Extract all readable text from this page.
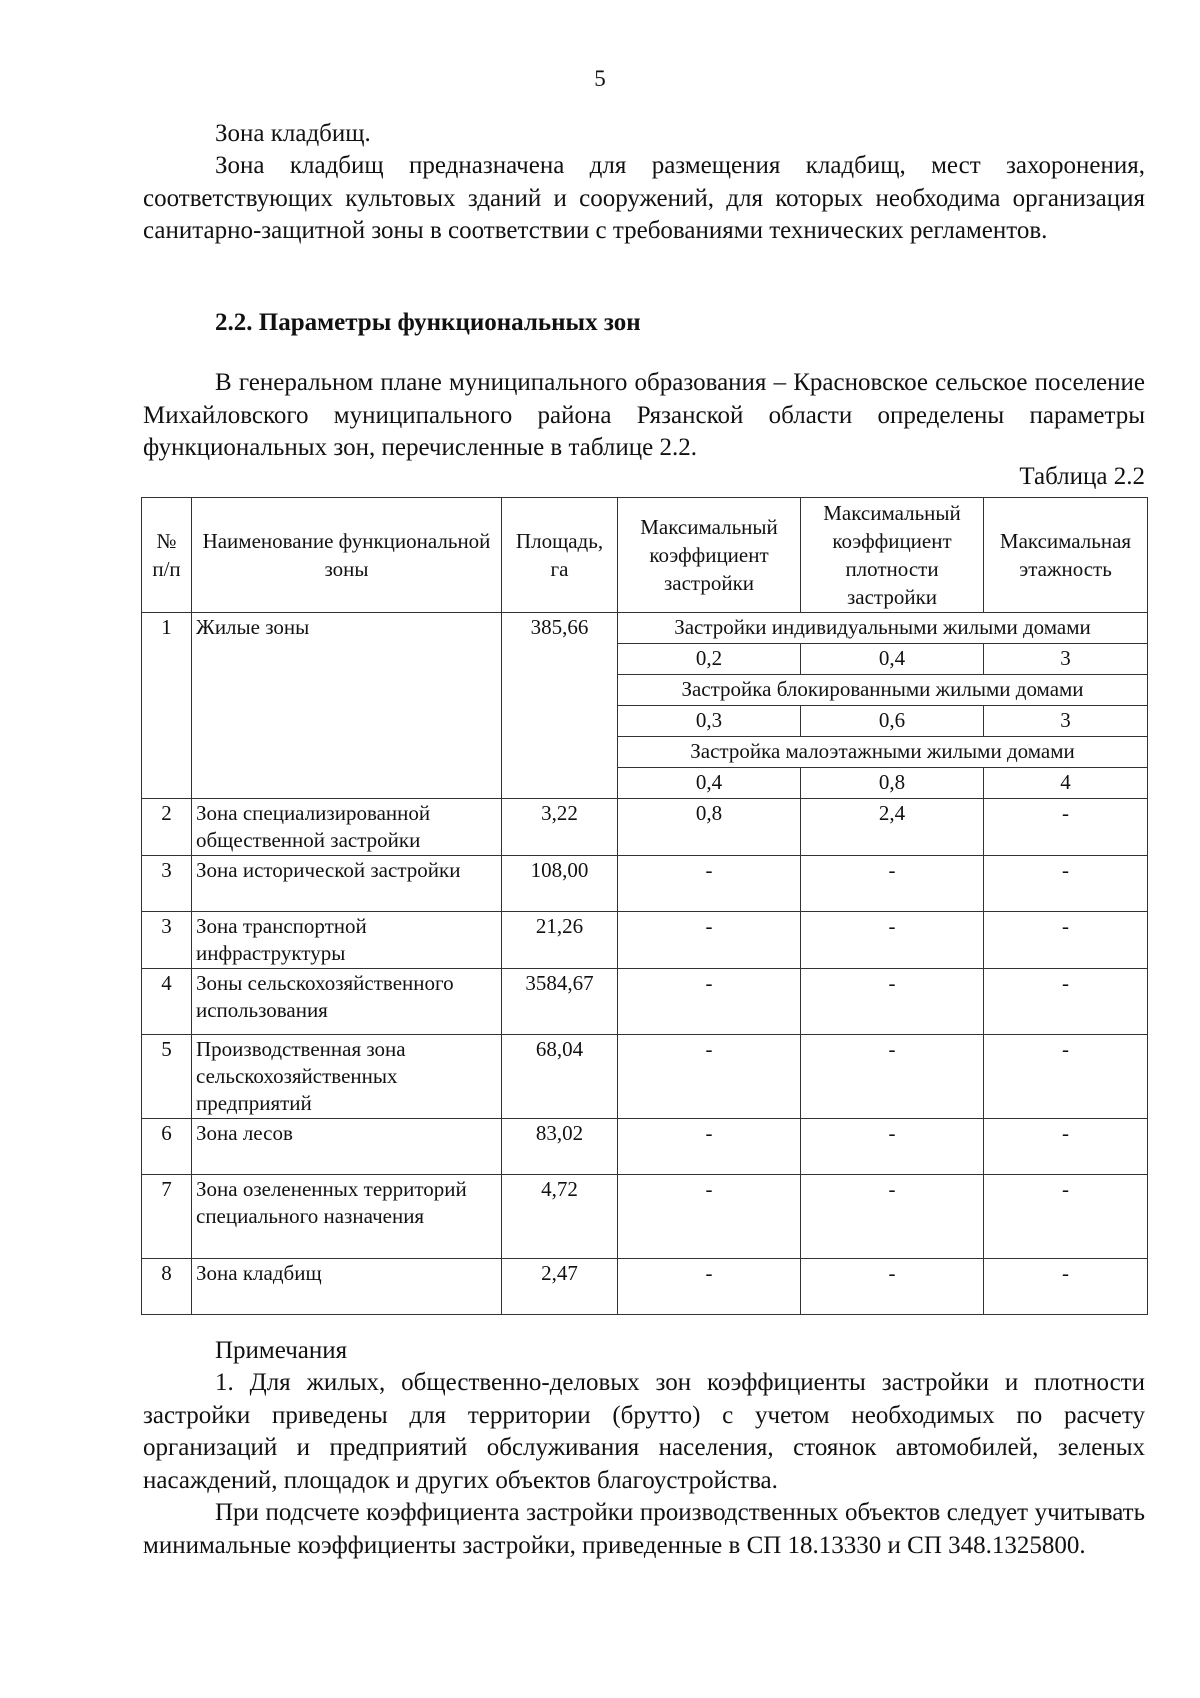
5

Зона кладбищ.

Зона кладбищ предназначена для размещения кладбищ, мест захоронения, соответствующих культовых зданий и сооружений, для которых необходима организация санитарно-защитной зоны в соответствии с требованиями технических регламентов.

2.2. Параметры функциональных зон

В генеральном плане муниципального образования – Красновское сельское поселение Михайловского муниципального района Рязанской области определены параметры функциональных зон, перечисленные в таблице 2.2.

Таблица 2.2
№ п/п	Наименование функциональной зоны	Площадь, га	Максимальный коэффициент застройки	Максимальный коэффициент плотности застройки	Максимальная этажность
1	Жилые зоны	385,66	Застройки индивидуальными жилыми домами		
			0,2	0,4	3
			Застройка блокированными жилыми домами		
			0,3	0,6	3
			Застройка малоэтажными жилыми домами		
			0,4	0,8	4
2	Зона специализированной общественной застройки	3,22	0,8	2,4	-
3	Зона исторической застройки	108,00	-	-	-
3	Зона транспортной инфраструктуры	21,26	-	-	-
4	Зоны сельскохозяйственного использования	3584,67	-	-	-
5	Производственная зона сельскохозяйственных предприятий	68,04	-	-	-
6	Зона лесов	83,02	-	-	-
7	Зона озелененных территорий специального назначения	4,72	-	-	-
8	Зона кладбищ	2,47	-	-	-

Примечания

1. Для жилых, общественно-деловых зон коэффициенты застройки и плотности застройки приведены для территории (брутто) с учетом необходимых по расчету организаций и предприятий обслуживания населения, стоянок автомобилей, зеленых насаждений, площадок и других объектов благоустройства.

При подсчете коэффициента застройки производственных объектов следует учитывать минимальные коэффициенты застройки, приведенные в СП 18.13330 и СП 348.1325800.
